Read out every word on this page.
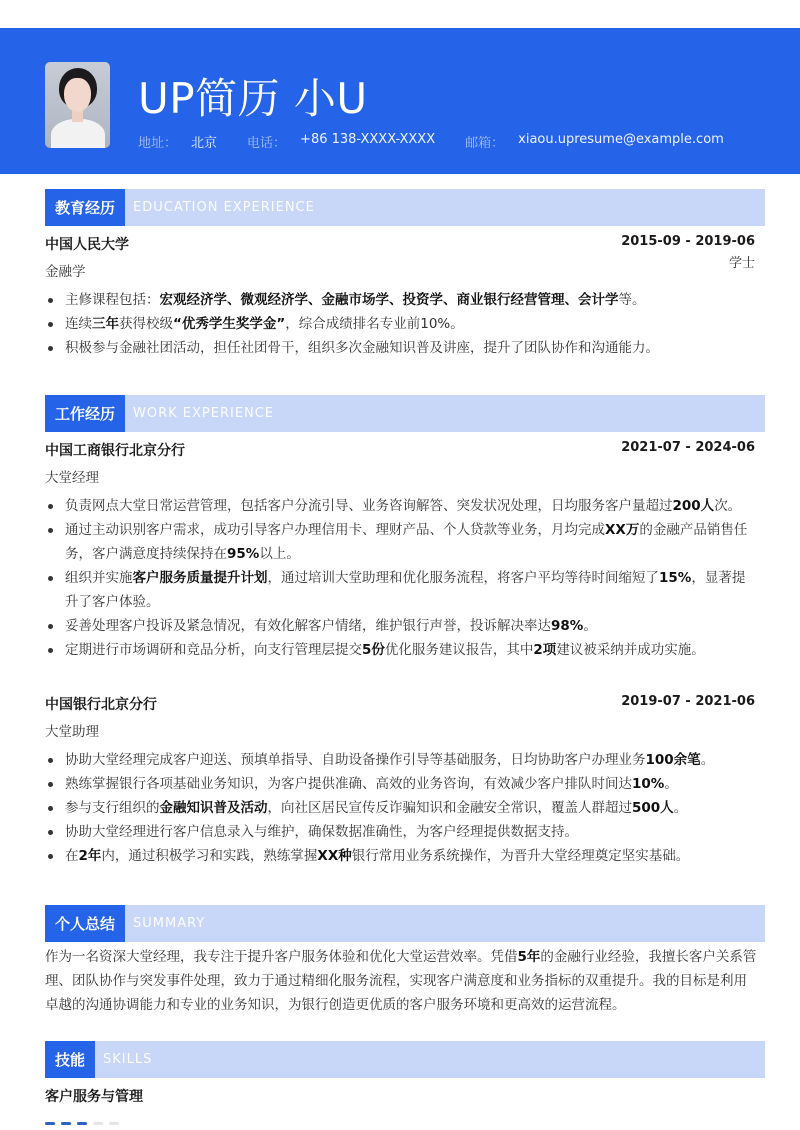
UP简历 小U
地址： 北京 电话： +86 138-XXXX-XXXX 邮箱： xiaou.upresume@example.com
教育经历	EDUCATION EXPERIENCE
中国人民大学	2015-09 - 2019-06
金融学
学士
主修课程包括：宏观经济学、微观经济学、金融市场学、投资学、商业银行经营管理、会计学等。
连续三年获得校级“优秀学生奖学金”，综合成绩排名专业前10%。
积极参与金融社团活动，担任社团骨干，组织多次金融知识普及讲座，提升了团队协作和沟通能力。
工作经历	WORK EXPERIENCE
中国工商银行北京分行	2021-07 - 2024-06
大堂经理
负责网点大堂日常运营管理，包括客户分流引导、业务咨询解答、突发状况处理，日均服务客户量超过200人次。
通过主动识别客户需求，成功引导客户办理信用卡、理财产品、个人贷款等业务，月均完成XX万的金融产品销售任务，客户满意度持续保持在95%以上。
组织并实施客户服务质量提升计划，通过培训大堂助理和优化服务流程，将客户平均等待时间缩短了15%，显著提升了客户体验。
妥善处理客户投诉及紧急情况，有效化解客户情绪，维护银行声誉，投诉解决率达98%。
定期进行市场调研和竞品分析，向支行管理层提交5份优化服务建议报告，其中2项建议被采纳并成功实施。
中国银行北京分行	2019-07 - 2021-06
大堂助理
协助大堂经理完成客户迎送、预填单指导、自助设备操作引导等基础服务，日均协助客户办理业务100余笔。
熟练掌握银行各项基础业务知识，为客户提供准确、高效的业务咨询，有效减少客户排队时间达10%。
参与支行组织的金融知识普及活动，向社区居民宣传反诈骗知识和金融安全常识，覆盖人群超过500人。
协助大堂经理进行客户信息录入与维护，确保数据准确性，为客户经理提供数据支持。
在2年内，通过积极学习和实践，熟练掌握XX种银行常用业务系统操作，为晋升大堂经理奠定坚实基础。
个人总结	SUMMARY
作为一名资深大堂经理，我专注于提升客户服务体验和优化大堂运营效率。凭借5年的金融行业经验，我擅长客户关系管理、团队协作与突发事件处理，致力于通过精细化服务流程，实现客户满意度和业务指标的双重提升。我的目标是利用卓越的沟通协调能力和专业的业务知识，为银行创造更优质的客户服务环境和更高效的运营流程。
技能	SKILLS
客户服务与管理
